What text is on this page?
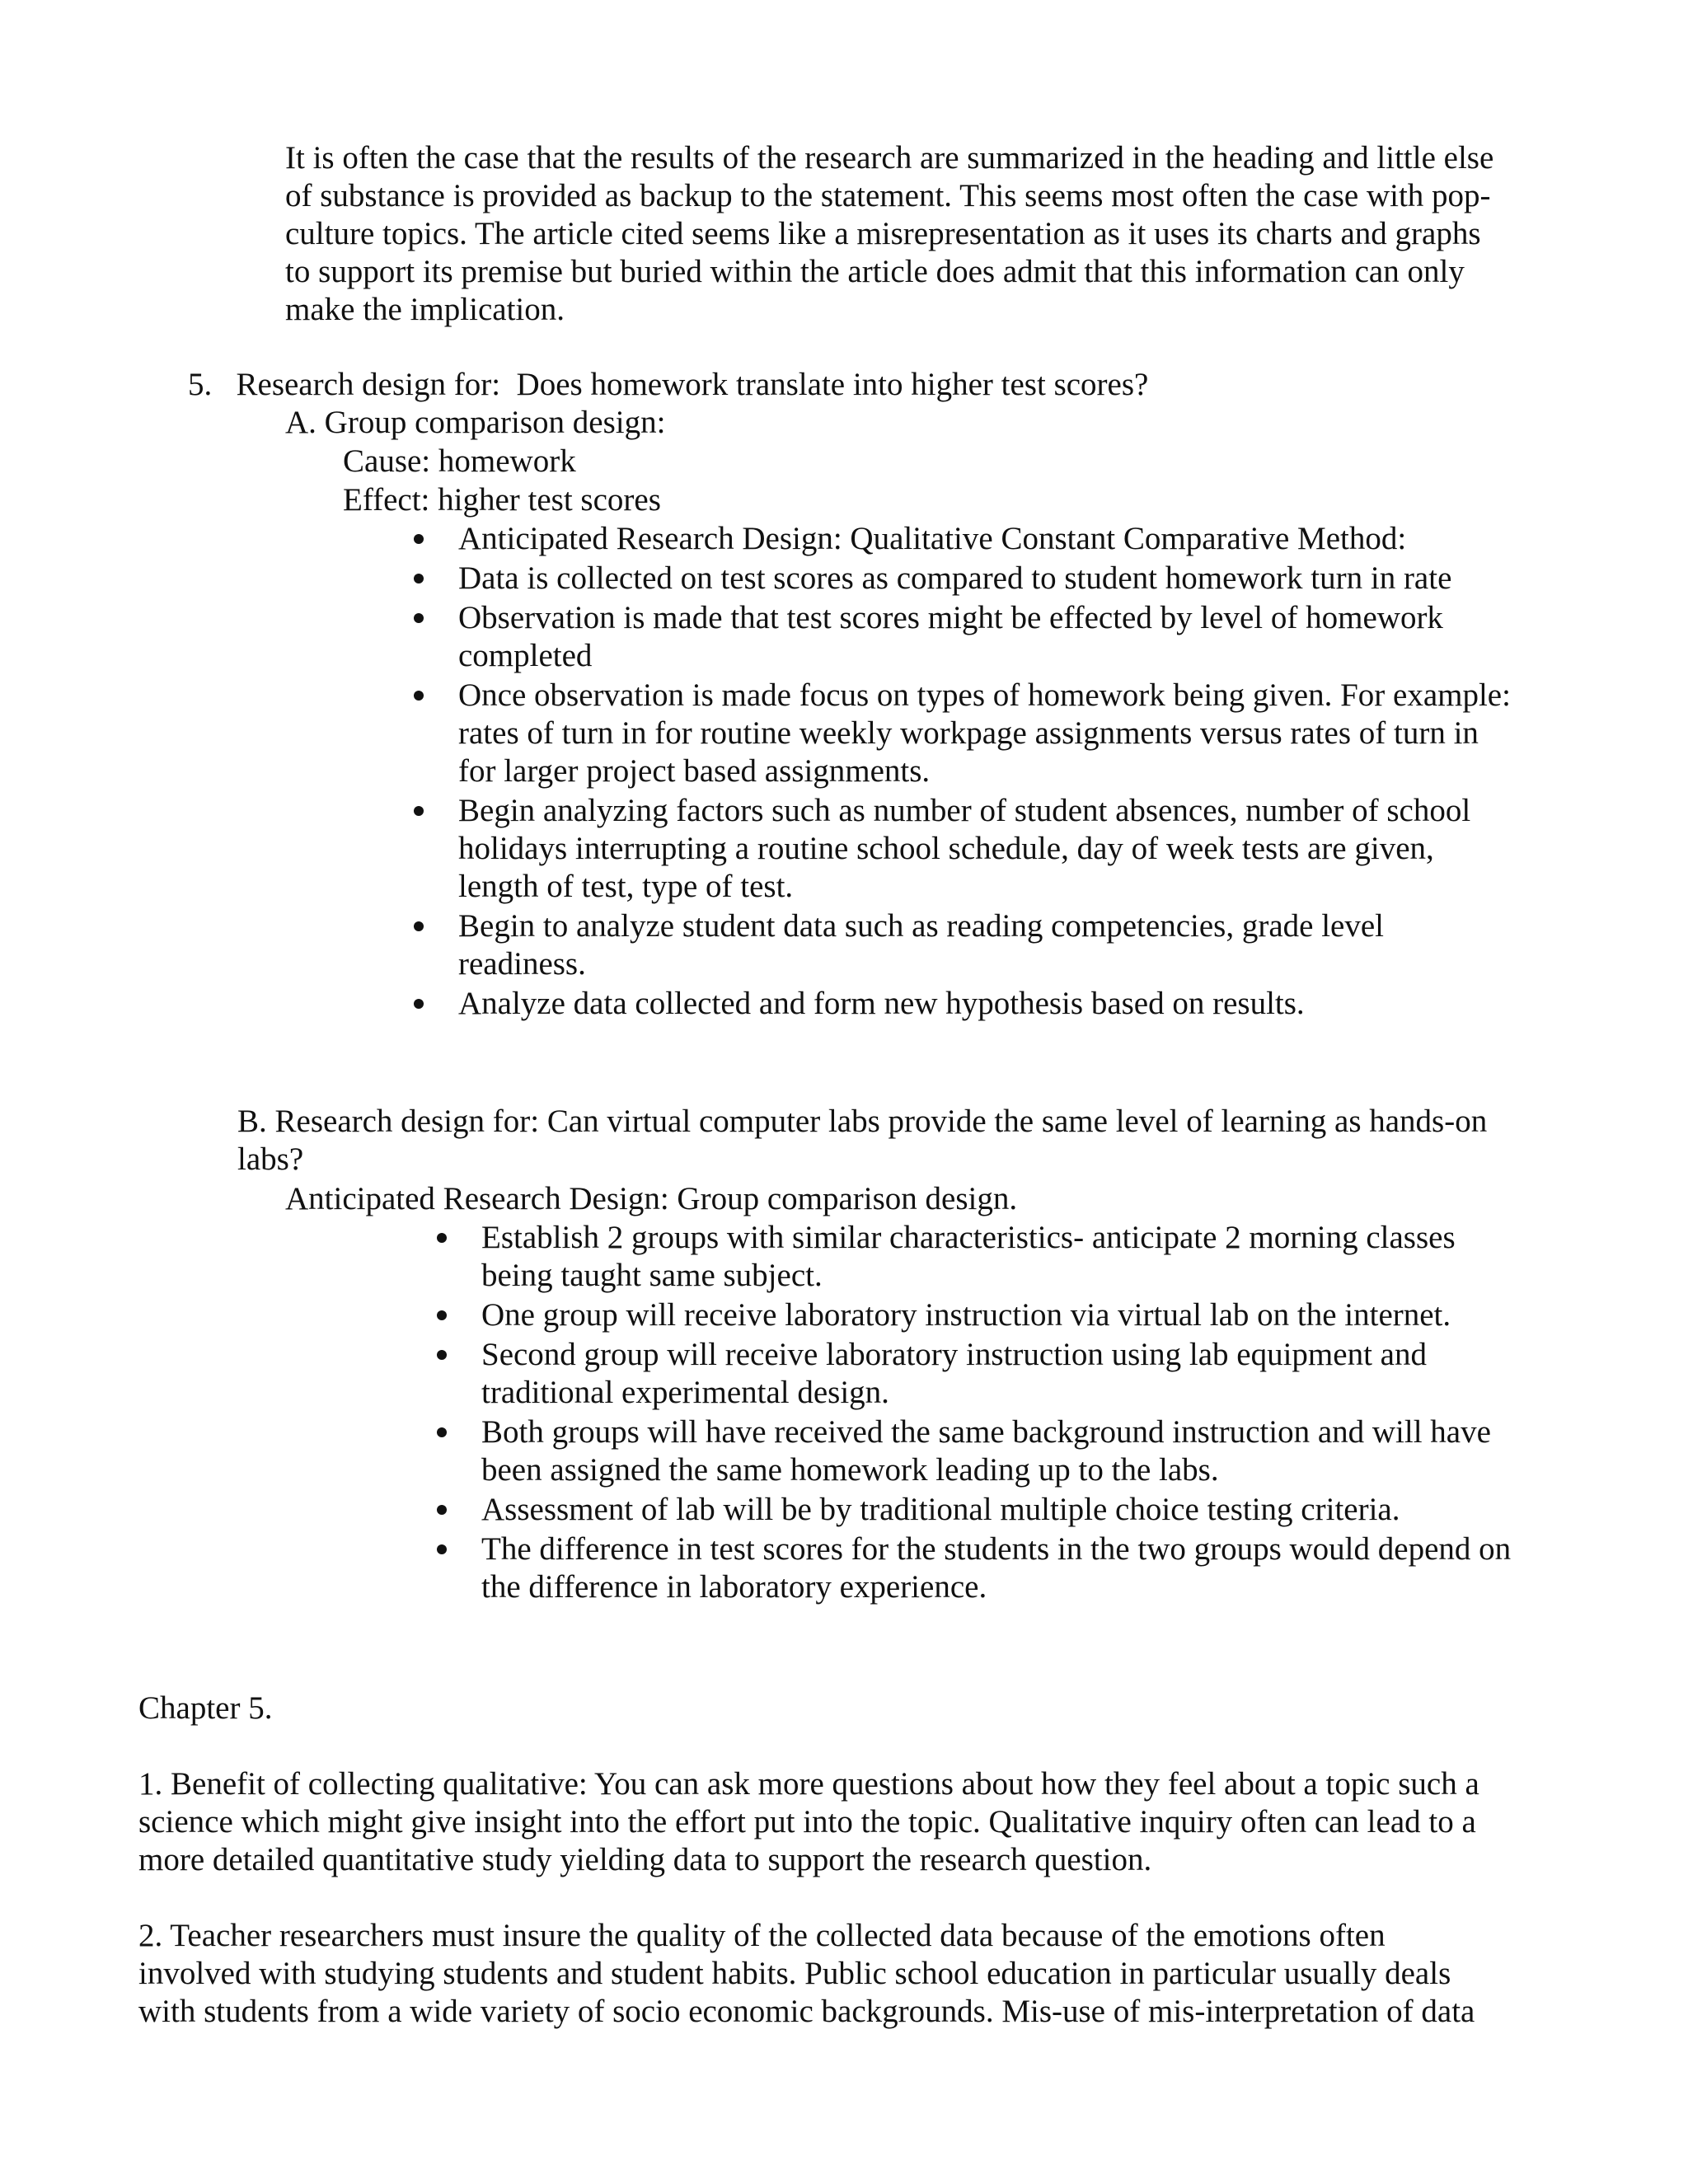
It is often the case that the results of the research are summarized in the heading and little else
of substance is provided as backup to the statement. This seems most often the case with pop-
culture topics. The article cited seems like a misrepresentation as it uses its charts and graphs
to support its premise but buried within the article does admit that this information can only
make the implication.

5.   Research design for:  Does homework translate into higher test scores?
A. Group comparison design:
Cause: homework
Effect: higher test scores
Anticipated Research Design: Qualitative Constant Comparative Method:
Data is collected on test scores as compared to student homework turn in rate
Observation is made that test scores might be effected by level of homework
completed
Once observation is made focus on types of homework being given. For example:
rates of turn in for routine weekly workpage assignments versus rates of turn in
for larger project based assignments.
Begin analyzing factors such as number of student absences, number of school
holidays interrupting a routine school schedule, day of week tests are given,
length of test, type of test.
Begin to analyze student data such as reading competencies, grade level
readiness.
Analyze data collected and form new hypothesis based on results.
B. Research design for: Can virtual computer labs provide the same level of learning as hands-on
labs?
Anticipated Research Design: Group comparison design.
Establish 2 groups with similar characteristics- anticipate 2 morning classes
being taught same subject.
One group will receive laboratory instruction via virtual lab on the internet.
Second group will receive laboratory instruction using lab equipment and
traditional experimental design.
Both groups will have received the same background instruction and will have
been assigned the same homework leading up to the labs.
Assessment of lab will be by traditional multiple choice testing criteria.
The difference in test scores for the students in the two groups would depend on
the difference in laboratory experience.
Chapter 5.

1. Benefit of collecting qualitative: You can ask more questions about how they feel about a topic such a
science which might give insight into the effort put into the topic. Qualitative inquiry often can lead to a
more detailed quantitative study yielding data to support the research question.

2. Teacher researchers must insure the quality of the collected data because of the emotions often
involved with studying students and student habits. Public school education in particular usually deals
with students from a wide variety of socio economic backgrounds. Mis-use of mis-interpretation of data
